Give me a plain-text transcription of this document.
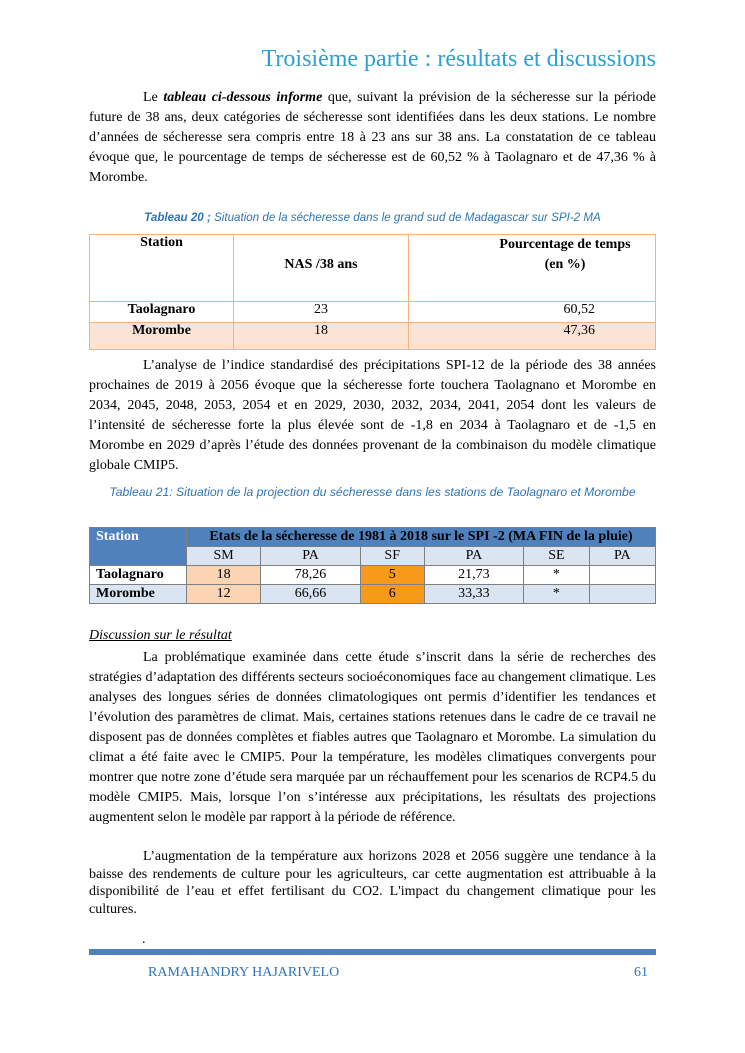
Troisième partie : résultats et discussions

Le tableau ci-dessous informe que, suivant la prévision de la sécheresse sur la période future de 38 ans, deux catégories de sécheresse sont identifiées dans les deux stations. Le nombre d’années de sécheresse sera compris entre 18 à 23 ans sur 38 ans. La constatation de ce tableau évoque que, le pourcentage de temps de sécheresse est de 60,52 % à Taolagnaro et de 47,36 % à Morombe.

Tableau 20 ; Situation de la sécheresse dans le grand sud de Madagascar sur SPI-2 MA
Station	NAS /38 ans	Pourcentage de temps (en %)

Taolagnaro	23	60,52
Morombe	18	47,36

L’analyse de l’indice standardisé des précipitations SPI-12 de la période des 38 années prochaines de 2019 à 2056 évoque que la sécheresse forte touchera Taolagnano et Morombe en 2034, 2045, 2048, 2053, 2054 et en 2029, 2030, 2032, 2034, 2041, 2054 dont les valeurs de l’intensité de sécheresse forte la plus élevée sont de -1,8 en 2034 à Taolagnaro et de -1,5 en Morombe en 2029 d’après l’étude des données provenant de la combinaison du modèle climatique globale CMIP5.

Tableau 21: Situation de la projection du sécheresse dans les stations de Taolagnaro et Morombe
Station	Etats de la sécheresse de 1981 à 2018 sur le SPI -2 (MA FIN de la pluie)					
	SM	PA	SF	PA	SE	PA
Taolagnaro	18	78,26	5	21,73	*	
Morombe	12	66,66	6	33,33	*	
Discussion sur le résultat

La problématique examinée dans cette étude s’inscrit dans la série de recherches des stratégies d’adaptation des différents secteurs socioéconomiques face au changement climatique. Les analyses des longues séries de données climatologiques ont permis d’identifier les tendances et l’évolution des paramètres de climat. Mais, certaines stations retenues dans le cadre de ce travail ne disposent pas de données complètes et fiables autres que Taolagnaro et Morombe. La simulation du climat a été faite avec le CMIP5. Pour la température, les modèles climatiques convergents pour montrer que notre zone d’étude sera marquée par un réchauffement pour les scenarios de RCP4.5 du modèle CMIP5. Mais, lorsque l’on s’intéresse aux précipitations, les résultats des projections augmentent selon le modèle par rapport à la période de référence.

L’augmentation de la température aux horizons 2028 et 2056 suggère une tendance à la baisse des rendements de culture pour les agriculteurs, car cette augmentation est attribuable à la disponibilité de l’eau et effet fertilisant du CO2. L'impact du changement climatique pour les cultures.

.
RAMAHANDRY HAJARIVELO	61
